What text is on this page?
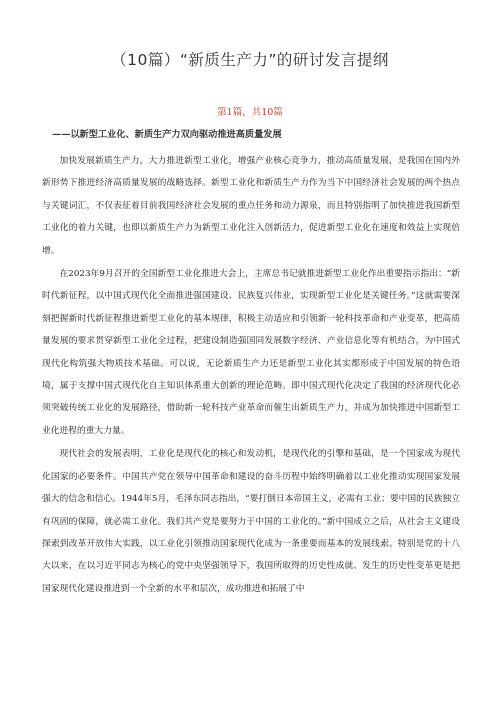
（10篇）“新质生产力”的研讨发言提纲
第1篇，共10篇
——以新型工业化、新质生产力双向驱动推进高质量发展

加快发展新质生产力，大力推进新型工业化，增强产业核心竞争力，推动高质量发展，是我国在国内外新形势下推进经济高质量发展的战略选择。新型工业化和新质生产力作为当下中国经济社会发展的两个热点与关键词汇，不仅表征着目前我国经济社会发展的重点任务和动力源泉，而且特别指明了加快推进我国新型工业化的着力关键，也即以新质生产力为新型工业化注入创新活力，促进新型工业化在速度和效益上实现倍增。

在2023年9月召开的全国新型工业化推进大会上，主席总书记就推进新型工业化作出重要指示指出：“新时代新征程，以中国式现代化全面推进强国建设、民族复兴伟业，实现新型工业化是关键任务。”这就需要深刻把握新时代新征程推进新型工业化的基本规律，积极主动适应和引领新一轮科技革命和产业变革，把高质量发展的要求贯穿新型工业化全过程，把建设制造强国同发展数字经济、产业信息化等有机结合，为中国式现代化构筑强大物质技术基础。可以说，无论新质生产力还是新型工业化其实都形成于中国发展的特色语境，属于支撑中国式现代化自主知识体系重大创新的理论范畴。即中国式现代化决定了我国的经济现代化必须突破传统工业化的发展路径，借助新一轮科技产业革命而催生出新质生产力，并成为加快推进中国新型工业化进程的重大力量。

现代社会的发展表明，工业化是现代化的核心和发动机，是现代化的引擎和基础，是一个国家成为现代化国家的必要条件。中国共产党在领导中国革命和建设的奋斗历程中始终明确着以工业化推动实现国家发展强大的信念和信心。1944年5月，毛泽东同志指出，“要打倒日本帝国主义，必需有工业；要中国的民族独立有巩固的保障，就必需工业化。我们共产党是要努力于中国的工业化的。”新中国成立之后，从社会主义建设探索到改革开放伟大实践，以工业化引领推动国家现代化成为一条重要而基本的发展线索。特别是党的十八大以来，在以习近平同志为核心的党中央坚强领导下，我国所取得的历史性成就、发生的历史性变革更是把国家现代化建设推进到一个全新的水平和层次，成功推进和拓展了中
